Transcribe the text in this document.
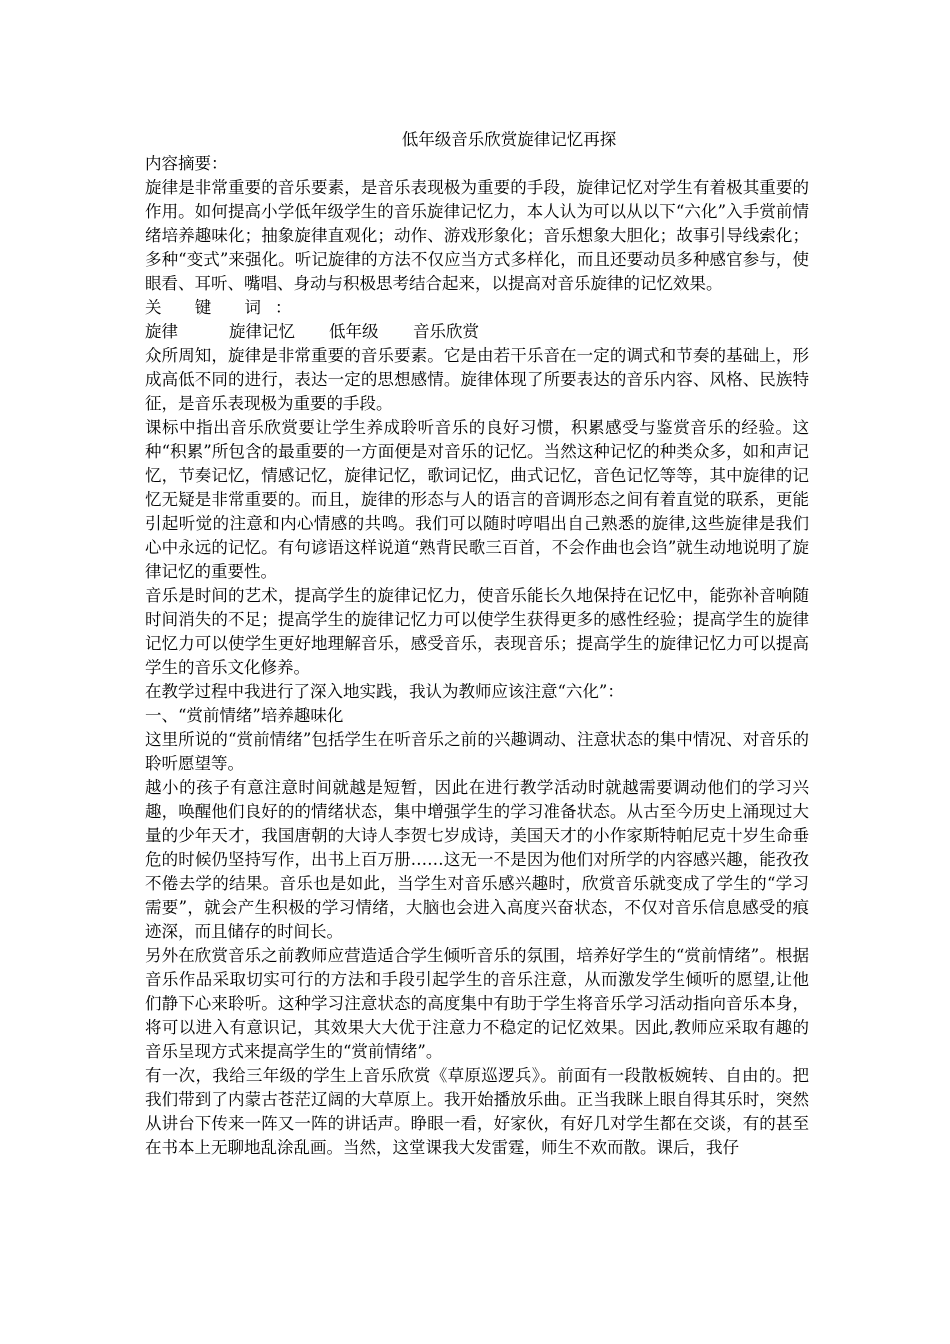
低年级音乐欣赏旋律记忆再探

内容摘要：

旋律是非常重要的音乐要素，是音乐表现极为重要的手段，旋律记忆对学生有着极其重要的作用。如何提高小学低年级学生的音乐旋律记忆力，本人认为可以从以下“六化”入手赏前情绪培养趣味化；抽象旋律直观化；动作、游戏形象化；音乐想象大胆化；故事引导线索化；多种“变式”来强化。听记旋律的方法不仅应当方式多样化，而且还要动员多种感官参与，使眼看、耳听、嘴唱、身动与积极思考结合起来，以提高对音乐旋律的记忆效果。

关 键 词：

旋律	旋律记忆	低年级	音乐欣赏

众所周知，旋律是非常重要的音乐要素。它是由若干乐音在一定的调式和节奏的基础上，形成高低不同的进行，表达一定的思想感情。旋律体现了所要表达的音乐内容、风格、民族特征，是音乐表现极为重要的手段。

课标中指出音乐欣赏要让学生养成聆听音乐的良好习惯，积累感受与鉴赏音乐的经验。这种“积累”所包含的最重要的一方面便是对音乐的记忆。当然这种记忆的种类众多，如和声记忆，节奏记忆，情感记忆，旋律记忆，歌词记忆，曲式记忆，音色记忆等等，其中旋律的记忆无疑是非常重要的。而且，旋律的形态与人的语言的音调形态之间有着直觉的联系，更能引起听觉的注意和内心情感的共鸣。我们可以随时哼唱出自己熟悉的旋律,这些旋律是我们心中永远的记忆。有句谚语这样说道“熟背民歌三百首，不会作曲也会诌”就生动地说明了旋律记忆的重要性。

音乐是时间的艺术，提高学生的旋律记忆力，使音乐能长久地保持在记忆中，能弥补音响随时间消失的不足；提高学生的旋律记忆力可以使学生获得更多的感性经验；提高学生的旋律记忆力可以使学生更好地理解音乐，感受音乐，表现音乐；提高学生的旋律记忆力可以提高学生的音乐文化修养。

在教学过程中我进行了深入地实践，我认为教师应该注意“六化”：

一、“赏前情绪”培养趣味化

这里所说的“赏前情绪”包括学生在听音乐之前的兴趣调动、注意状态的集中情况、对音乐的聆听愿望等。

越小的孩子有意注意时间就越是短暂，因此在进行教学活动时就越需要调动他们的学习兴趣，唤醒他们良好的的情绪状态，集中增强学生的学习准备状态。从古至今历史上涌现过大量的少年天才，我国唐朝的大诗人李贺七岁成诗，美国天才的小作家斯特帕尼克十岁生命垂危的时候仍坚持写作，出书上百万册……这无一不是因为他们对所学的内容感兴趣，能孜孜不倦去学的结果。音乐也是如此，当学生对音乐感兴趣时，欣赏音乐就变成了学生的“学习需要”，就会产生积极的学习情绪，大脑也会进入高度兴奋状态，不仅对音乐信息感受的痕迹深，而且储存的时间长。

另外在欣赏音乐之前教师应营造适合学生倾听音乐的氛围，培养好学生的“赏前情绪”。根据音乐作品采取切实可行的方法和手段引起学生的音乐注意，从而激发学生倾听的愿望,让他们静下心来聆听。这种学习注意状态的高度集中有助于学生将音乐学习活动指向音乐本身，将可以进入有意识记，其效果大大优于注意力不稳定的记忆效果。因此,教师应采取有趣的音乐呈现方式来提高学生的“赏前情绪”。

有一次，我给三年级的学生上音乐欣赏《草原巡逻兵》。前面有一段散板婉转、自由的。把我们带到了内蒙古苍茫辽阔的大草原上。我开始播放乐曲。正当我眯上眼自得其乐时，突然从讲台下传来一阵又一阵的讲话声。睁眼一看，好家伙，有好几对学生都在交谈，有的甚至在书本上无聊地乱涂乱画。当然，这堂课我大发雷霆，师生不欢而散。课后，我仔
